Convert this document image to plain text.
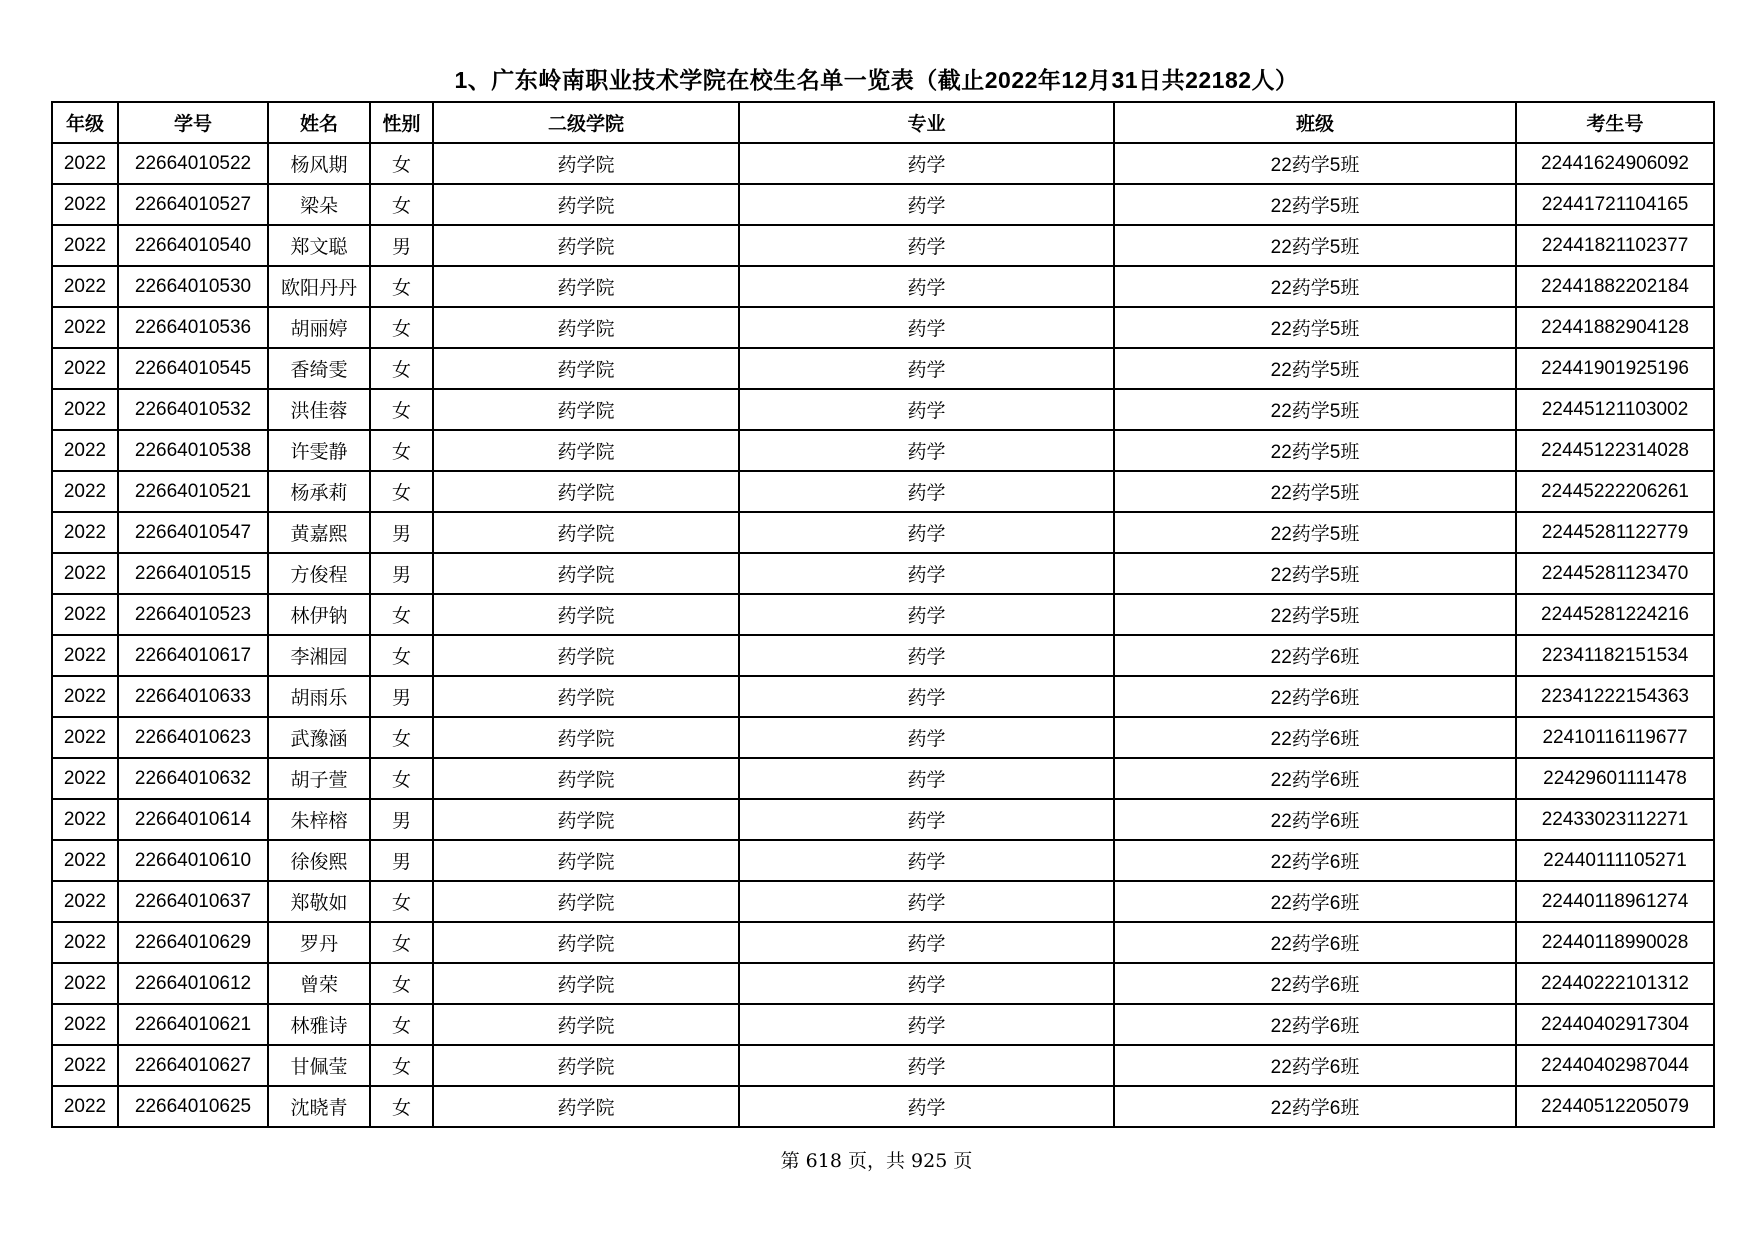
1、广东岭南职业技术学院在校生名单一览表（截止2022年12月31日共22182人）
年级	学号	姓名	性别	二级学院	专业	班级	考生号
2022	22664010522	杨风期	女	药学院	药学	22药学5班	22441624906092
2022	22664010527	梁朵	女	药学院	药学	22药学5班	22441721104165
2022	22664010540	郑文聪	男	药学院	药学	22药学5班	22441821102377
2022	22664010530	欧阳丹丹	女	药学院	药学	22药学5班	22441882202184
2022	22664010536	胡丽婷	女	药学院	药学	22药学5班	22441882904128
2022	22664010545	香绮雯	女	药学院	药学	22药学5班	22441901925196
2022	22664010532	洪佳蓉	女	药学院	药学	22药学5班	22445121103002
2022	22664010538	许雯静	女	药学院	药学	22药学5班	22445122314028
2022	22664010521	杨承莉	女	药学院	药学	22药学5班	22445222206261
2022	22664010547	黄嘉熙	男	药学院	药学	22药学5班	22445281122779
2022	22664010515	方俊程	男	药学院	药学	22药学5班	22445281123470
2022	22664010523	林伊钠	女	药学院	药学	22药学5班	22445281224216
2022	22664010617	李湘园	女	药学院	药学	22药学6班	22341182151534
2022	22664010633	胡雨乐	男	药学院	药学	22药学6班	22341222154363
2022	22664010623	武豫涵	女	药学院	药学	22药学6班	22410116119677
2022	22664010632	胡子萱	女	药学院	药学	22药学6班	22429601111478
2022	22664010614	朱梓榕	男	药学院	药学	22药学6班	22433023112271
2022	22664010610	徐俊熙	男	药学院	药学	22药学6班	22440111105271
2022	22664010637	郑敬如	女	药学院	药学	22药学6班	22440118961274
2022	22664010629	罗丹	女	药学院	药学	22药学6班	22440118990028
2022	22664010612	曾荣	女	药学院	药学	22药学6班	22440222101312
2022	22664010621	林雅诗	女	药学院	药学	22药学6班	22440402917304
2022	22664010627	甘佩莹	女	药学院	药学	22药学6班	22440402987044
2022	22664010625	沈晓青	女	药学院	药学	22药学6班	22440512205079
第 618 页，共 925 页
